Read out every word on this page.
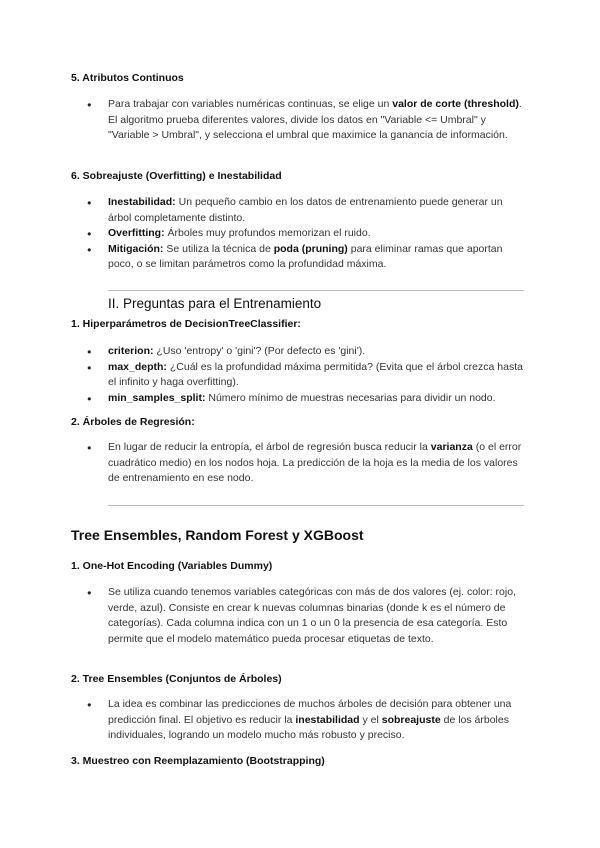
5. Atributos Continuos
● Para trabajar con variables numéricas continuas, se elige un valor de corte (threshold). El algoritmo prueba diferentes valores, divide los datos en "Variable <= Umbral" y "Variable > Umbral", y selecciona el umbral que maximice la ganancia de información.
6. Sobreajuste (Overfitting) e Inestabilidad
● Inestabilidad: Un pequeño cambio en los datos de entrenamiento puede generar un árbol completamente distinto.
● Overfitting: Árboles muy profundos memorizan el ruido.
● Mitigación: Se utiliza la técnica de poda (pruning) para eliminar ramas que aportan poco, o se limitan parámetros como la profundidad máxima.
II. Preguntas para el Entrenamiento
1. Hiperparámetros de DecisionTreeClassifier:
● criterion: ¿Uso 'entropy' o 'gini'? (Por defecto es 'gini').
● max_depth: ¿Cuál es la profundidad máxima permitida? (Evita que el árbol crezca hasta el infinito y haga overfitting).
● min_samples_split: Número mínimo de muestras necesarias para dividir un nodo.
2. Árboles de Regresión:
● En lugar de reducir la entropía, el árbol de regresión busca reducir la varianza (o el error cuadrático medio) en los nodos hoja. La predicción de la hoja es la media de los valores de entrenamiento en ese nodo.
Tree Ensembles, Random Forest y XGBoost
1. One-Hot Encoding (Variables Dummy)
● Se utiliza cuando tenemos variables categóricas con más de dos valores (ej. color: rojo, verde, azul). Consiste en crear k nuevas columnas binarias (donde k es el número de categorías). Cada columna indica con un 1 o un 0 la presencia de esa categoría. Esto permite que el modelo matemático pueda procesar etiquetas de texto.
2. Tree Ensembles (Conjuntos de Árboles)
● La idea es combinar las predicciones de muchos árboles de decisión para obtener una predicción final. El objetivo es reducir la inestabilidad y el sobreajuste de los árboles individuales, logrando un modelo mucho más robusto y preciso.
3. Muestreo con Reemplazamiento (Bootstrapping)
